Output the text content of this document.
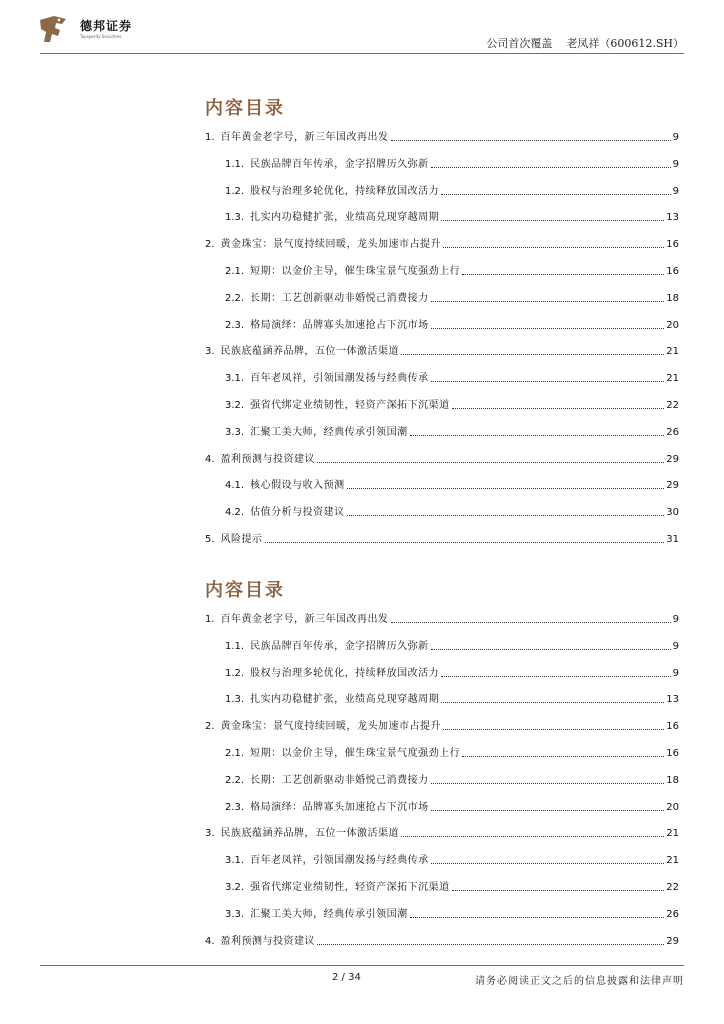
德邦证券
Topsperity Securities
公司首次覆盖 老凤祥（600612.SH）
内容目录
1. 百年黄金老字号，新三年国改再出发	9
1.1. 民族品牌百年传承，金字招牌历久弥新	9
1.2. 股权与治理多轮优化，持续释放国改活力	9
1.3. 扎实内功稳健扩张，业绩高兑现穿越周期	13
2. 黄金珠宝：景气度持续回暖，龙头加速市占提升	16
2.1. 短期：以金价主导，催生珠宝景气度强劲上行	16
2.2. 长期：工艺创新驱动非婚悦己消费接力	18
2.3. 格局演绎：品牌寡头加速抢占下沉市场	20
3. 民族底蕴涵养品牌，五位一体激活渠道	21
3.1. 百年老凤祥，引领国潮发扬与经典传承	21
3.2. 强省代绑定业绩韧性，轻资产深拓下沉渠道	22
3.3. 汇聚工美大师，经典传承引领国潮	26
4. 盈利预测与投资建议	29
4.1. 核心假设与收入预测	29
4.2. 估值分析与投资建议	30
5. 风险提示	31
内容目录
1. 百年黄金老字号，新三年国改再出发	9
1.1. 民族品牌百年传承，金字招牌历久弥新	9
1.2. 股权与治理多轮优化，持续释放国改活力	9
1.3. 扎实内功稳健扩张，业绩高兑现穿越周期	13
2. 黄金珠宝：景气度持续回暖，龙头加速市占提升	16
2.1. 短期：以金价主导，催生珠宝景气度强劲上行	16
2.2. 长期：工艺创新驱动非婚悦己消费接力	18
2.3. 格局演绎：品牌寡头加速抢占下沉市场	20
3. 民族底蕴涵养品牌，五位一体激活渠道	21
3.1. 百年老凤祥，引领国潮发扬与经典传承	21
3.2. 强省代绑定业绩韧性，轻资产深拓下沉渠道	22
3.3. 汇聚工美大师，经典传承引领国潮	26
4. 盈利预测与投资建议	29
2 / 34	请务必阅读正文之后的信息披露和法律声明
